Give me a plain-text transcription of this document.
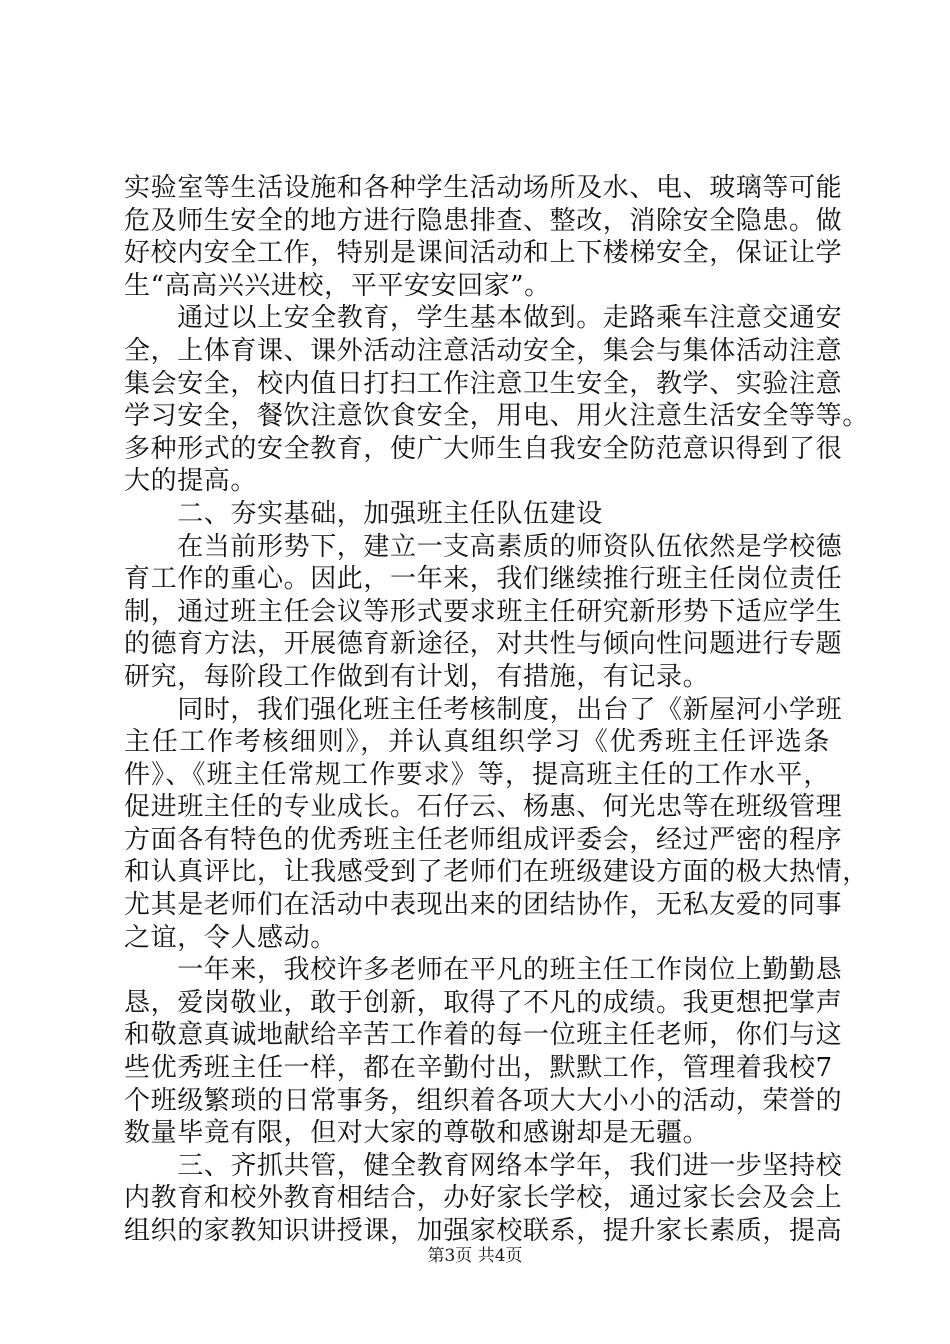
实验室等生活设施和各种学生活动场所及水、电、玻璃等可能
危及师生安全的地方进行隐患排查、整改，消除安全隐患。做
好校内安全工作，特别是课间活动和上下楼梯安全，保证让学
生“高高兴兴进校，平平安安回家”。
　　通过以上安全教育，学生基本做到。走路乘车注意交通安
全，上体育课、课外活动注意活动安全，集会与集体活动注意
集会安全，校内值日打扫工作注意卫生安全，教学、实验注意
学习安全，餐饮注意饮食安全，用电、用火注意生活安全等等。
多种形式的安全教育，使广大师生自我安全防范意识得到了很
大的提高。
　　二、夯实基础，加强班主任队伍建设
　　在当前形势下，建立一支高素质的师资队伍依然是学校德
育工作的重心。因此，一年来，我们继续推行班主任岗位责任
制，通过班主任会议等形式要求班主任研究新形势下适应学生
的德育方法，开展德育新途径，对共性与倾向性问题进行专题
研究，每阶段工作做到有计划，有措施，有记录。
　　同时，我们强化班主任考核制度，出台了《新屋河小学班
主任工作考核细则》，并认真组织学习《优秀班主任评选条
件》、《班主任常规工作要求》等，提高班主任的工作水平，
促进班主任的专业成长。石仔云、杨惠、何光忠等在班级管理
方面各有特色的优秀班主任老师组成评委会，经过严密的程序
和认真评比，让我感受到了老师们在班级建设方面的极大热情，
尤其是老师们在活动中表现出来的团结协作，无私友爱的同事
之谊，令人感动。
　　一年来，我校许多老师在平凡的班主任工作岗位上勤勤恳
恳，爱岗敬业，敢于创新，取得了不凡的成绩。我更想把掌声
和敬意真诚地献给辛苦工作着的每一位班主任老师，你们与这
些优秀班主任一样，都在辛勤付出，默默工作，管理着我校7
个班级繁琐的日常事务，组织着各项大大小小的活动，荣誉的
数量毕竟有限，但对大家的尊敬和感谢却是无疆。
　　三、齐抓共管，健全教育网络本学年，我们进一步坚持校
内教育和校外教育相结合，办好家长学校，通过家长会及会上
组织的家教知识讲授课，加强家校联系，提升家长素质，提高
第3页 共4页
